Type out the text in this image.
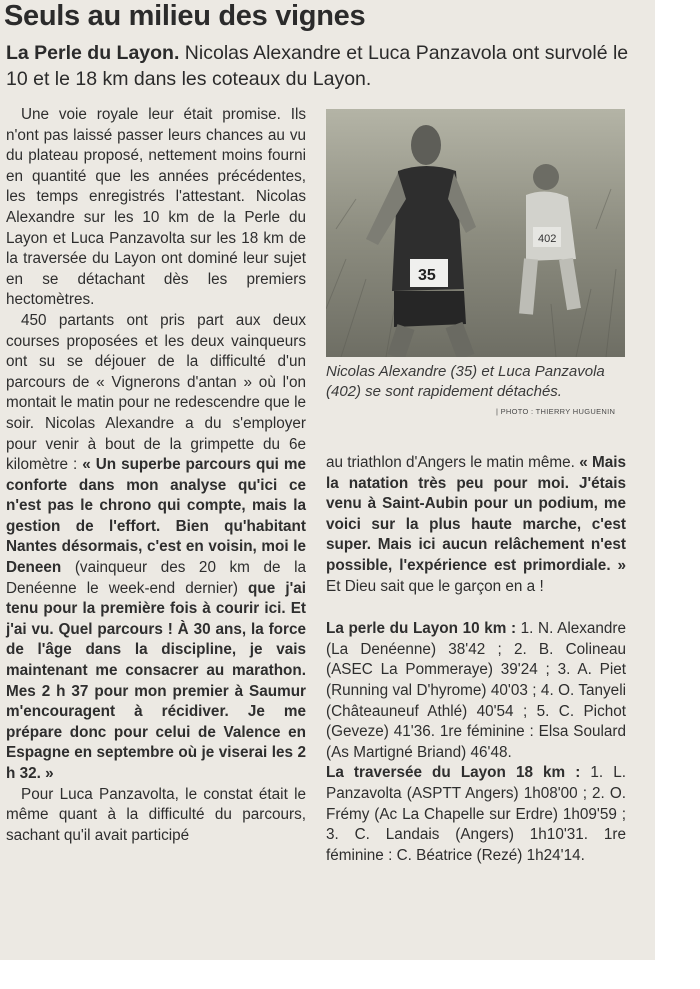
Seuls au milieu des vignes
La Perle du Layon. Nicolas Alexandre et Luca Panzavola ont survolé le 10 et le 18 km dans les coteaux du Layon.

Une voie royale leur était promise. Ils n'ont pas laissé passer leurs chances au vu du plateau proposé, nettement moins fourni en quantité que les années précédentes, les temps enregistrés l'attestant. Nicolas Alexandre sur les 10 km de la Perle du Layon et Luca Panzavolta sur les 18 km de la traversée du Layon ont dominé leur sujet en se détachant dès les premiers hectomètres.

450 partants ont pris part aux deux courses proposées et les deux vainqueurs ont su se déjouer de la difficulté d'un parcours de « Vignerons d'antan » où l'on montait le matin pour ne redescendre que le soir. Nicolas Alexandre a du s'employer pour venir à bout de la grimpette du 6e kilomètre : « Un superbe parcours qui me conforte dans mon analyse qu'ici ce n'est pas le chrono qui compte, mais la gestion de l'effort. Bien qu'habitant Nantes désormais, c'est en voisin, moi le Deneen (vainqueur des 20 km de la Denéenne le week-end dernier) que j'ai tenu pour la première fois à courir ici. Et j'ai vu. Quel parcours ! À 30 ans, la force de l'âge dans la discipline, je vais maintenant me consacrer au marathon. Mes 2 h 37 pour mon premier à Saumur m'encouragent à récidiver. Je me prépare donc pour celui de Valence en Espagne en septembre où je viserai les 2 h 32. »

Pour Luca Panzavolta, le constat était le même quant à la difficulté du parcours, sachant qu'il avait participé

402
35
Nicolas Alexandre (35) et Luca Panzavola (402) se sont rapidement détachés.
| PHOTO : THIERRY HUGUENIN

au triathlon d'Angers le matin même. « Mais la natation très peu pour moi. J'étais venu à Saint-Aubin pour un podium, me voici sur la plus haute marche, c'est super. Mais ici aucun relâchement n'est possible, l'expérience est primordiale. » Et Dieu sait que le garçon en a !

La perle du Layon 10 km : 1. N. Alexandre (La Denéenne) 38'42 ; 2. B. Colineau (ASEC La Pommeraye) 39'24 ; 3. A. Piet (Running val D'hyrome) 40'03 ; 4. O. Tanyeli (Châteauneuf Athlé) 40'54 ; 5. C. Pichot (Geveze) 41'36. 1re féminine : Elsa Soulard (As Martigné Briand) 46'48.

La traversée du Layon 18 km : 1. L. Panzavolta (ASPTT Angers) 1h08'00 ; 2. O. Frémy (Ac La Chapelle sur Erdre) 1h09'59 ; 3. C. Landais (Angers) 1h10'31. 1re féminine : C. Béatrice (Rezé) 1h24'14.
